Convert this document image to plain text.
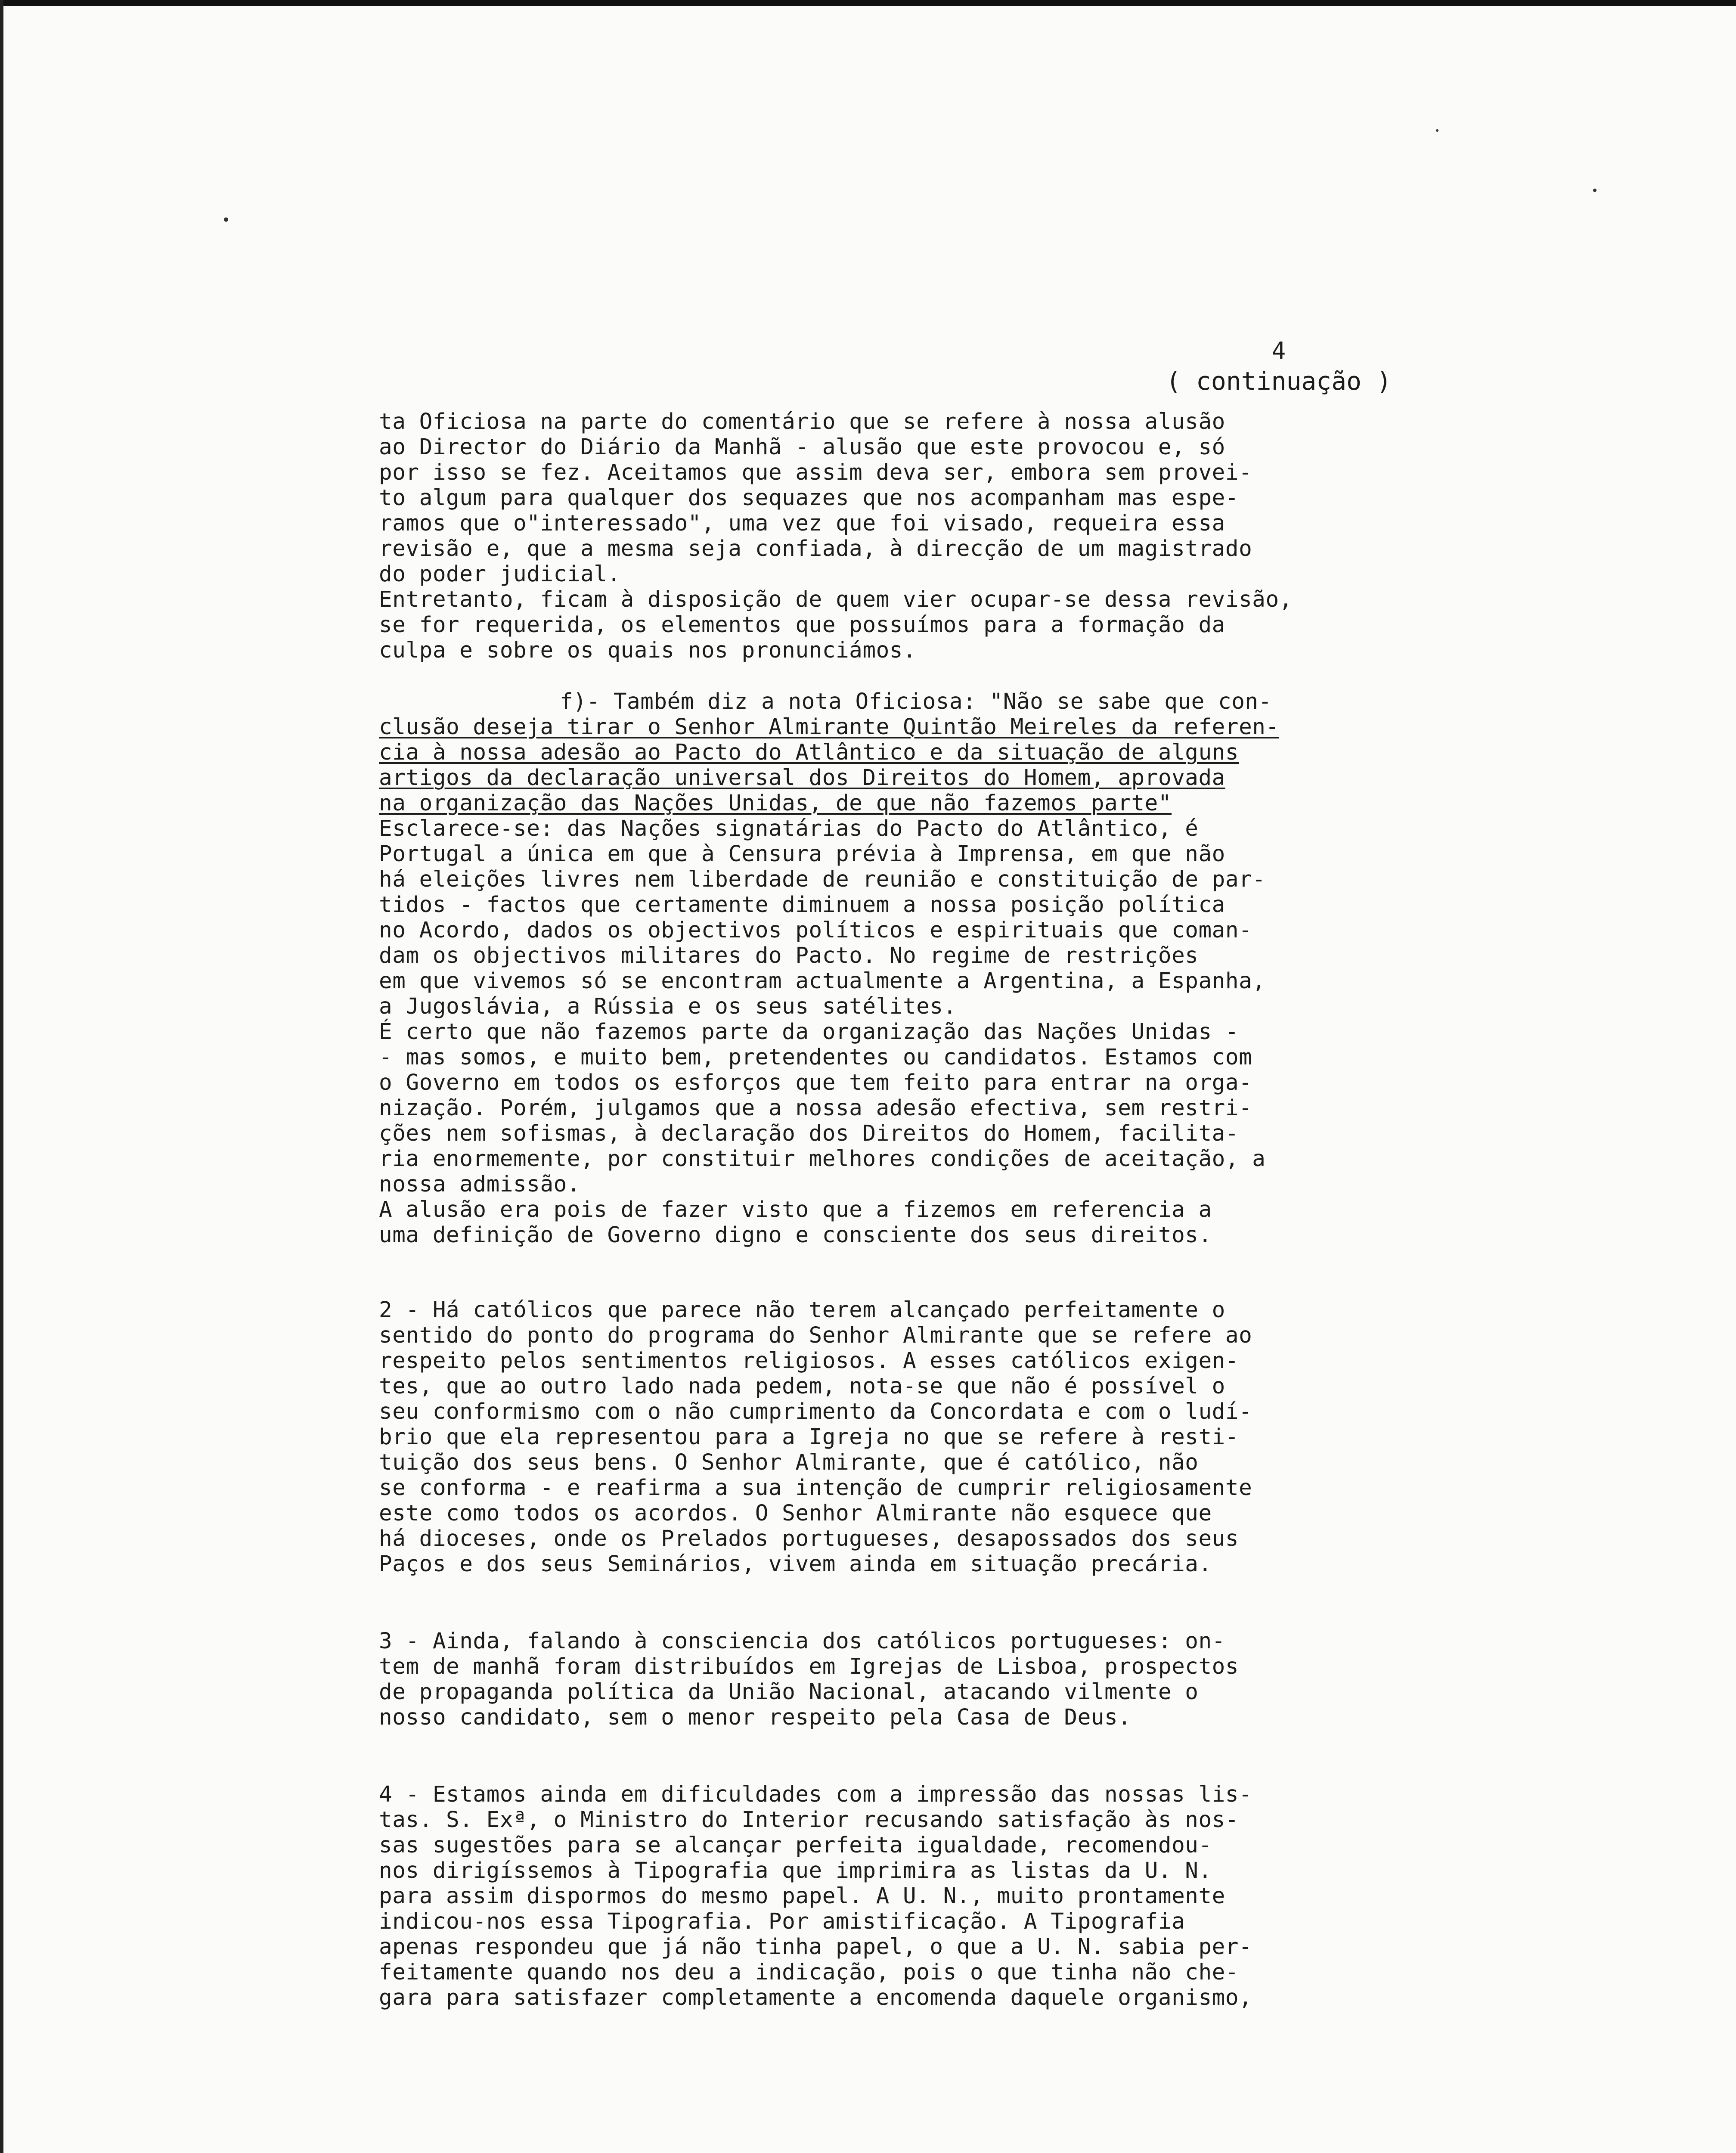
4
( continuação )
ta Oficiosa na parte do comentário que se refere à nossa alusão
ao Director do Diário da Manhã - alusão que este provocou e, só
por isso se fez. Aceitamos que assim deva ser, embora sem provei-
to algum para qualquer dos sequazes que nos acompanham mas espe-
ramos que o"interessado", uma vez que foi visado, requeira essa
revisão e, que a mesma seja confiada, à direcção de um magistrado
do poder judicial.
Entretanto, ficam à disposição de quem vier ocupar-se dessa revisão,
se for requerida, os elementos que possuímos para a formação da
culpa e sobre os quais nos pronunciámos.
f)- Também diz a nota Oficiosa: "Não se sabe que con-
clusão deseja tirar o Senhor Almirante Quintão Meireles da referen-
cia à nossa adesão ao Pacto do Atlântico e da situação de alguns
artigos da declaração universal dos Direitos do Homem, aprovada
na organização das Nações Unidas, de que não fazemos parte"
Esclarece-se: das Nações signatárias do Pacto do Atlântico, é
Portugal a única em que à Censura prévia à Imprensa, em que não
há eleições livres nem liberdade de reunião e constituição de par-
tidos - factos que certamente diminuem a nossa posição política
no Acordo, dados os objectivos políticos e espirituais que coman-
dam os objectivos militares do Pacto. No regime de restrições
em que vivemos só se encontram actualmente a Argentina, a Espanha,
a Jugoslávia, a Rússia e os seus satélites.
É certo que não fazemos parte da organização das Nações Unidas -
- mas somos, e muito bem, pretendentes ou candidatos. Estamos com
o Governo em todos os esforços que tem feito para entrar na orga-
nização. Porém, julgamos que a nossa adesão efectiva, sem restri-
ções nem sofismas, à declaração dos Direitos do Homem, facilita-
ria enormemente, por constituir melhores condições de aceitação, a
nossa admissão.
A alusão era pois de fazer visto que a fizemos em referencia a
uma definição de Governo digno e consciente dos seus direitos.
2 - Há católicos que parece não terem alcançado perfeitamente o
sentido do ponto do programa do Senhor Almirante que se refere ao
respeito pelos sentimentos religiosos. A esses católicos exigen-
tes, que ao outro lado nada pedem, nota-se que não é possível o
seu conformismo com o não cumprimento da Concordata e com o ludí-
brio que ela representou para a Igreja no que se refere à resti-
tuição dos seus bens. O Senhor Almirante, que é católico, não
se conforma - e reafirma a sua intenção de cumprir religiosamente
este como todos os acordos. O Senhor Almirante não esquece que
há dioceses, onde os Prelados portugueses, desapossados dos seus
Paços e dos seus Seminários, vivem ainda em situação precária.
3 - Ainda, falando à consciencia dos católicos portugueses: on-
tem de manhã foram distribuídos em Igrejas de Lisboa, prospectos
de propaganda política da União Nacional, atacando vilmente o
nosso candidato, sem o menor respeito pela Casa de Deus.
4 - Estamos ainda em dificuldades com a impressão das nossas lis-
tas. S. Exª, o Ministro do Interior recusando satisfação às nos-
sas sugestões para se alcançar perfeita igualdade, recomendou-
nos dirigíssemos à Tipografia que imprimira as listas da U. N.
para assim dispormos do mesmo papel. A U. N., muito prontamente
indicou-nos essa Tipografia. Por amistificação. A Tipografia
apenas respondeu que já não tinha papel, o que a U. N. sabia per-
feitamente quando nos deu a indicação, pois o que tinha não che-
gara para satisfazer completamente a encomenda daquele organismo,
